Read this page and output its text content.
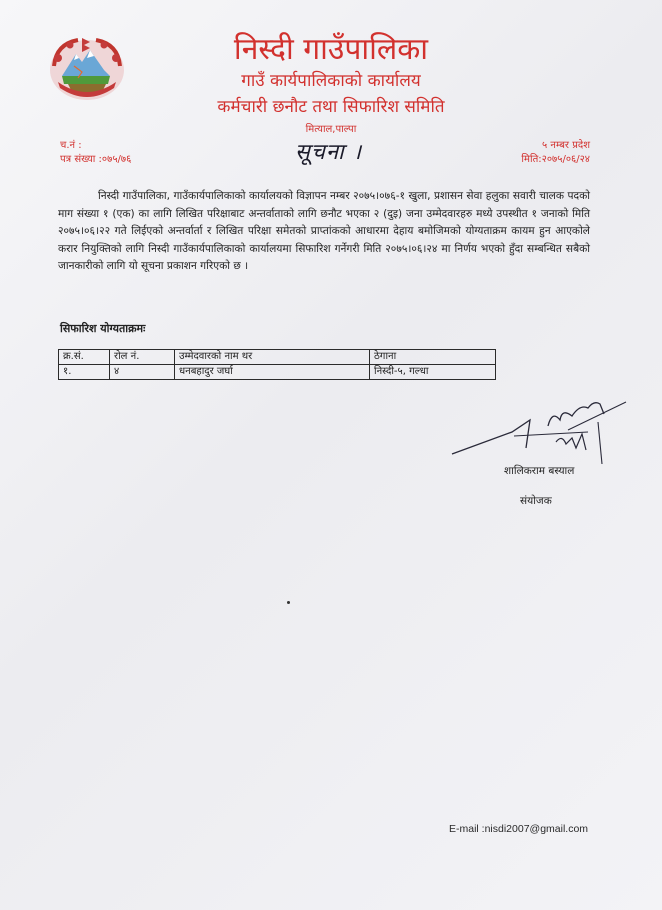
निस्दी गाउँपालिका
गाउँ कार्यपालिकाको कार्यालय
कर्मचारी छनौट तथा सिफारिश समिति
मित्याल,पाल्पा
च.नं :
पत्र संख्या :०७५/७६
५ नम्बर प्रदेश
मिति:२०७५/०६/२४
सूचना ।
निस्दी गाउँपालिका, गाउँकार्यपालिकाको कार्यालयको विज्ञापन नम्बर २०७५।०७६-१ खुला, प्रशासन सेवा हलुका सवारी चालक पदको माग संख्या १ (एक) का लागि लिखित परिक्षाबाट अन्तर्वाताको लागि छनौट भएका २ (दुइ) जना उम्मेदवारहरु मध्ये उपस्थीत १ जनाको मिति २०७५।०६।२२ गते लिईएको अन्तर्वार्ता र लिखित परिक्षा समेतको प्राप्तांकको आधारमा देहाय बमोजिमको योग्यताक्रम कायम हुन आएकोले करार नियुक्तिको लागि निस्दी गाउँकार्यपालिकाको कार्यालयमा सिफारिश गर्नेगरी मिति २०७५।०६।२४ मा निर्णय भएको हुँदा सम्बन्धित सबैको जानकारीको लागि यो सूचना प्रकाशन गरिएको छ ।
सिफारिश योग्यताक्रमः
क्र.सं.	रोल नं.	उम्मेदवारको नाम थर	ठेगाना
१.	४	धनबहादुर जर्घा	निस्दी-५, गल्धा
शालिकराम बस्याल
संयोजक
E-mail :nisdi2007@gmail.com
